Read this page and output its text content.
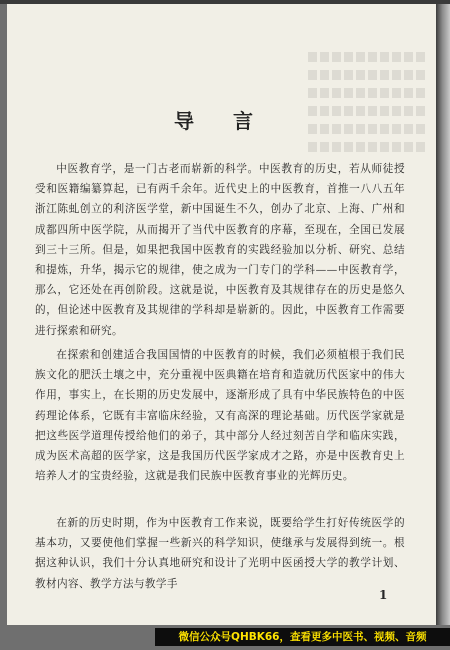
导 言

中医教育学，是一门古老而崭新的科学。中医教育的历史，若从师徒授受和医籍编纂算起，已有两千余年。近代史上的中医教育，首推一八八五年浙江陈虬创立的利济医学堂，新中国诞生不久，创办了北京、上海、广州和成都四所中医学院，从而揭开了当代中医教育的序幕，至现在，全国已发展到三十三所。但是，如果把我国中医教育的实践经验加以分析、研究、总结和提炼，升华，揭示它的规律，使之成为一门专门的学科——中医教育学，那么，它还处在再创阶段。这就是说，中医教育及其规律存在的历史是悠久的，但论述中医教育及其规律的学科却是崭新的。因此，中医教育工作需要进行探索和研究。

在探索和创建适合我国国情的中医教育的时候，我们必须植根于我们民族文化的肥沃土壤之中，充分重视中医典籍在培育和造就历代医家中的伟大作用，事实上，在长期的历史发展中，逐渐形成了具有中华民族特色的中医药理论体系，它既有丰富临床经验，又有高深的理论基础。历代医学家就是把这些医学道理传授给他们的弟子，其中部分人经过刻苦自学和临床实践，成为医术高超的医学家，这是我国历代医学家成才之路，亦是中医教育史上培养人才的宝贵经验，这就是我们民族中医教育事业的光辉历史。

在新的历史时期，作为中医教育工作来说，既要给学生打好传统医学的基本功，又要使他们掌握一些新兴的科学知识，使继承与发展得到统一。根据这种认识，我们十分认真地研究和设计了光明中医函授大学的教学计划、教材内容、教学方法与教学手

1
微信公众号QHBK66，查看更多中医书、视频、音频
